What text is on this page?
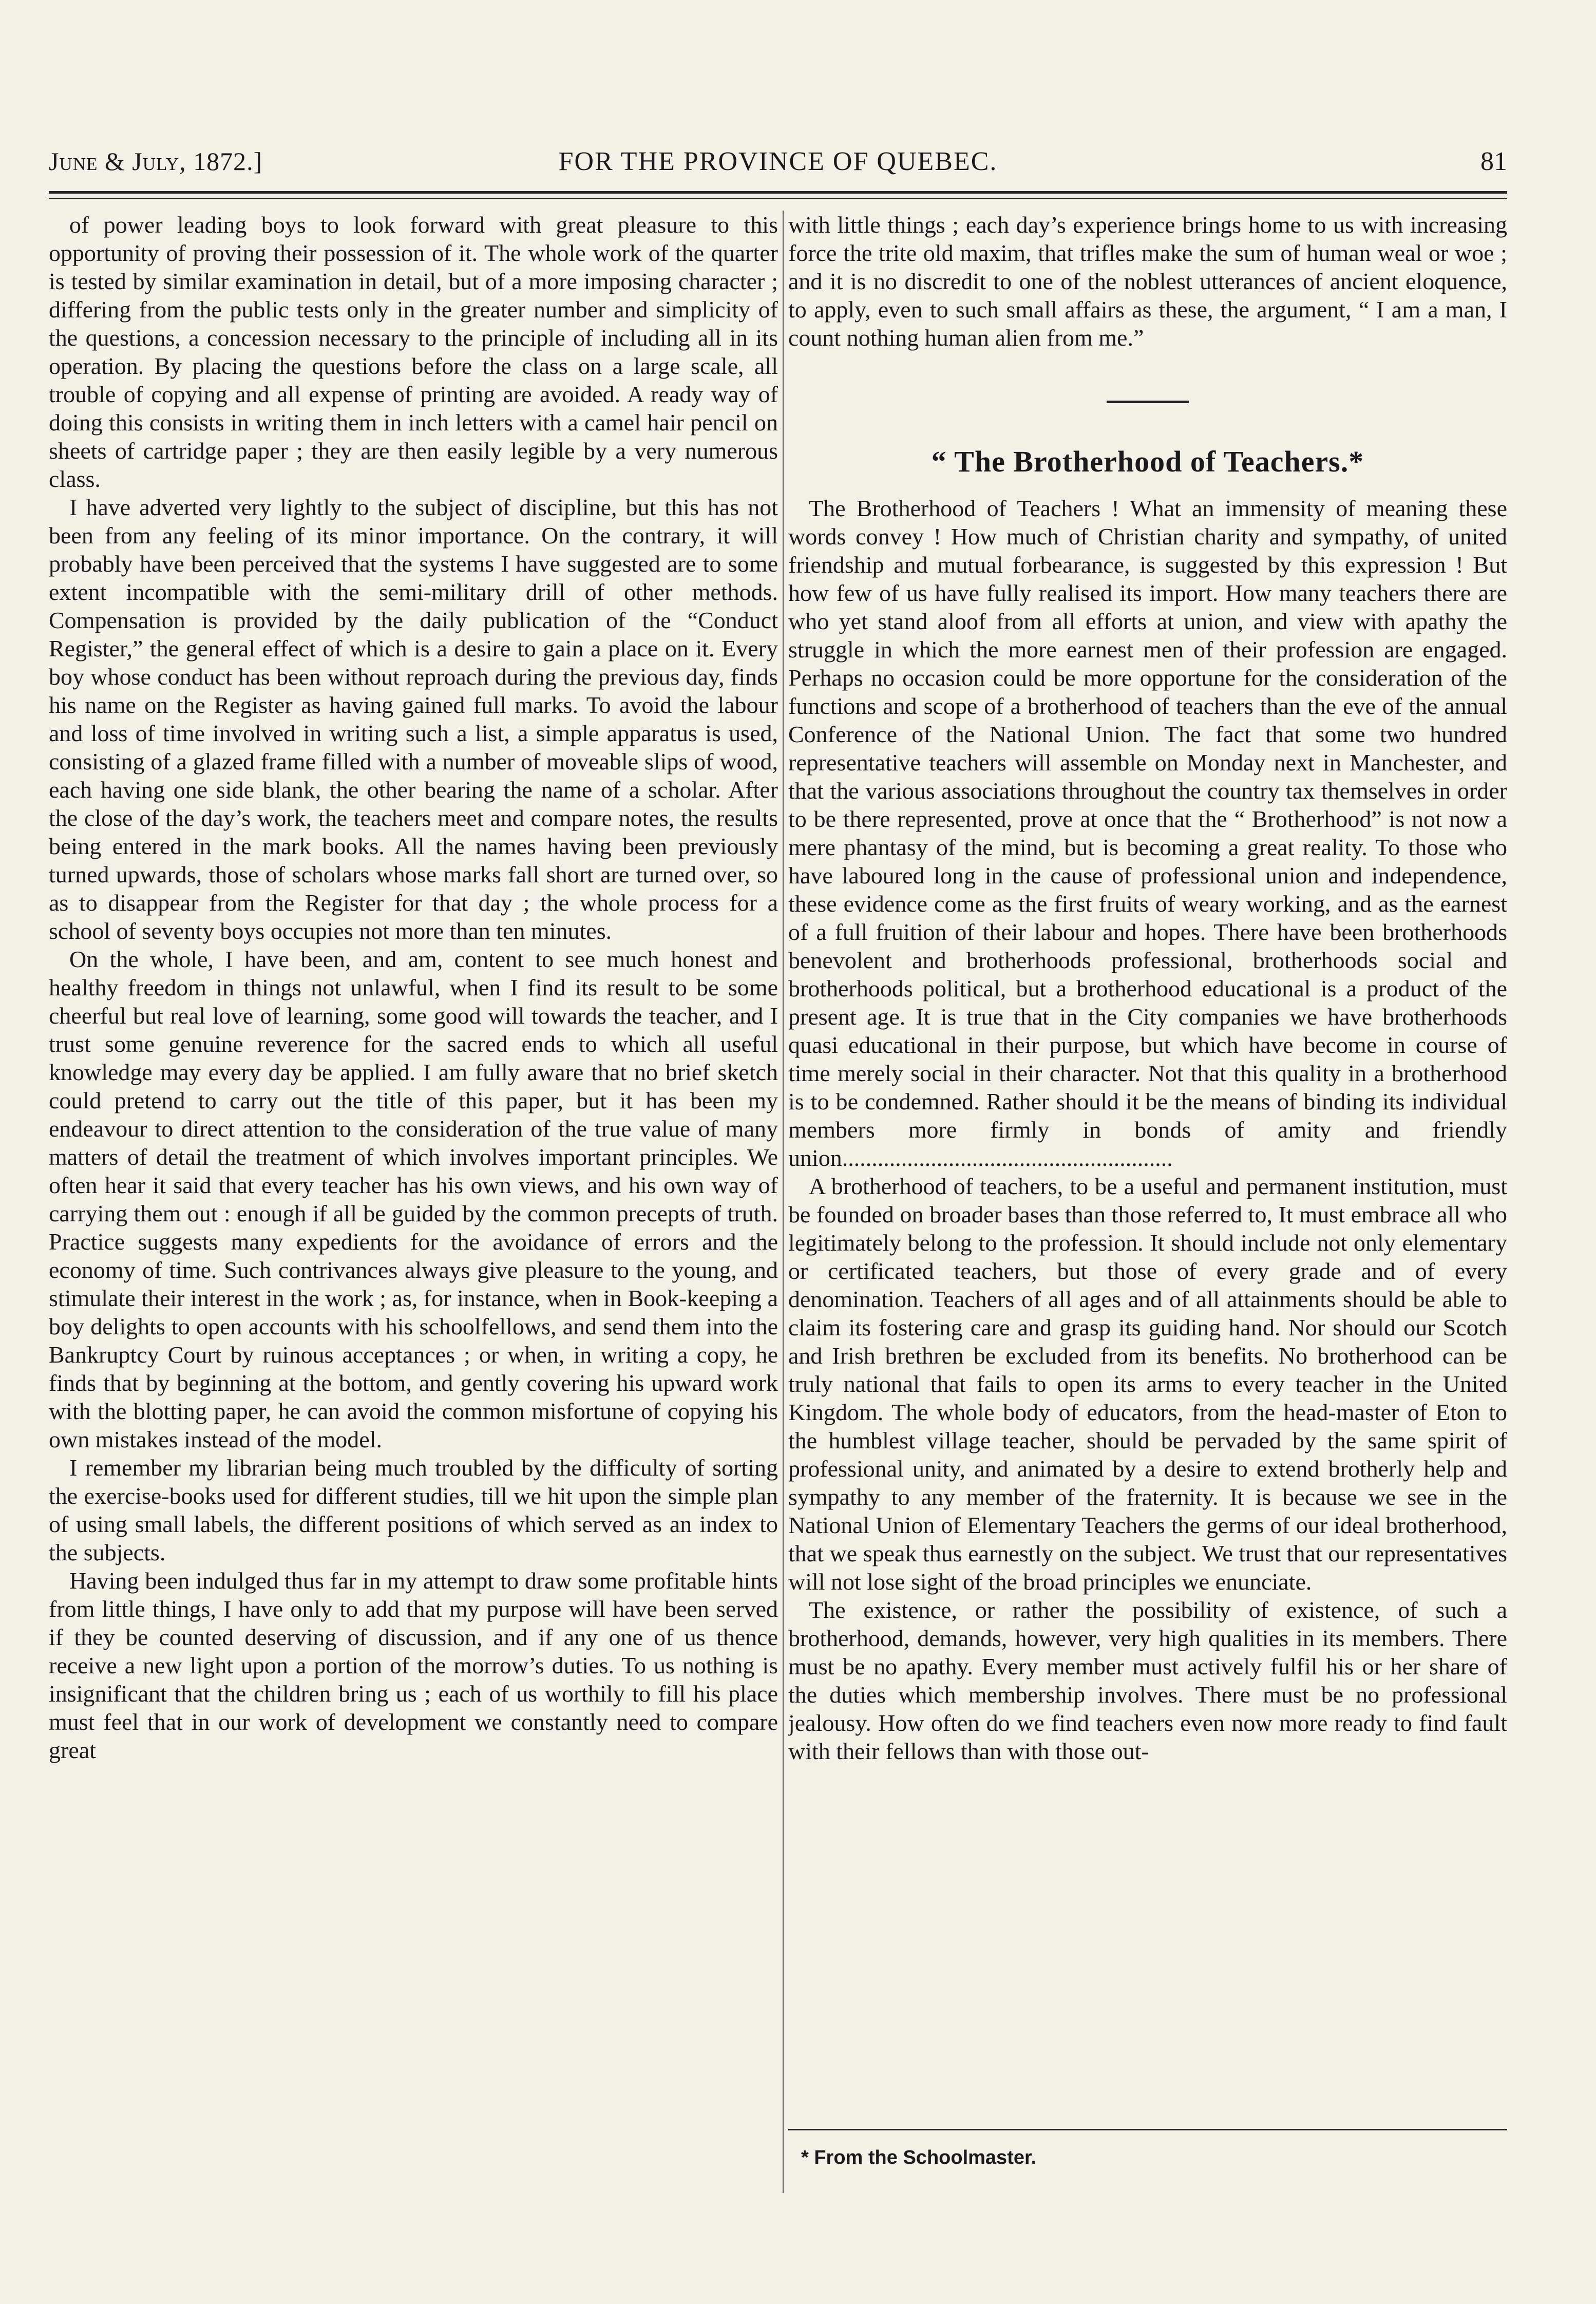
June & July, 1872.]	FOR THE PROVINCE OF QUEBEC.	81

of power leading boys to look forward with great pleasure to this opportunity of proving their possession of it. The whole work of the quarter is tested by similar examination in detail, but of a more imposing character ; differing from the public tests only in the greater number and simplicity of the questions, a concession necessary to the principle of including all in its operation. By placing the questions before the class on a large scale, all trouble of copying and all expense of printing are avoided. A ready way of doing this consists in writing them in inch letters with a camel hair pencil on sheets of cartridge paper ; they are then easily legible by a very numerous class.

I have adverted very lightly to the subject of discipline, but this has not been from any feeling of its minor importance. On the contrary, it will probably have been perceived that the systems I have suggested are to some extent incompatible with the semi-military drill of other methods. Compensation is provided by the daily publication of the “Conduct Register,” the general effect of which is a desire to gain a place on it. Every boy whose conduct has been without reproach during the previous day, finds his name on the Register as having gained full marks. To avoid the labour and loss of time involved in writing such a list, a simple apparatus is used, consisting of a glazed frame filled with a number of moveable slips of wood, each having one side blank, the other bearing the name of a scholar. After the close of the day’s work, the teachers meet and compare notes, the results being entered in the mark books. All the names having been previously turned upwards, those of scholars whose marks fall short are turned over, so as to disappear from the Register for that day ; the whole process for a school of seventy boys occupies not more than ten minutes.

On the whole, I have been, and am, content to see much honest and healthy freedom in things not unlawful, when I find its result to be some cheerful but real love of learning, some good will towards the teacher, and I trust some genuine reverence for the sacred ends to which all useful knowledge may every day be applied. I am fully aware that no brief sketch could pretend to carry out the title of this paper, but it has been my endeavour to direct attention to the consideration of the true value of many matters of detail the treatment of which involves important principles. We often hear it said that every teacher has his own views, and his own way of carrying them out : enough if all be guided by the common precepts of truth. Practice suggests many expedients for the avoidance of errors and the economy of time. Such contrivances always give pleasure to the young, and stimulate their interest in the work ; as, for instance, when in Book-keeping a boy delights to open accounts with his schoolfellows, and send them into the Bankruptcy Court by ruinous acceptances ; or when, in writing a copy, he finds that by beginning at the bottom, and gently covering his upward work with the blotting paper, he can avoid the common misfortune of copying his own mistakes instead of the model.

I remember my librarian being much troubled by the difficulty of sorting the exercise-books used for different studies, till we hit upon the simple plan of using small labels, the different positions of which served as an index to the subjects.

Having been indulged thus far in my attempt to draw some profitable hints from little things, I have only to add that my purpose will have been served if they be counted deserving of discussion, and if any one of us thence receive a new light upon a portion of the morrow’s duties. To us nothing is insignificant that the children bring us ; each of us worthily to fill his place must feel that in our work of development we constantly need to compare great

with little things ; each day’s experience brings home to us with increasing force the trite old maxim, that trifles make the sum of human weal or woe ; and it is no discredit to one of the noblest utterances of ancient eloquence, to apply, even to such small affairs as these, the argument, “ I am a man, I count nothing human alien from me.”

“ The Brotherhood of Teachers.*

The Brotherhood of Teachers ! What an immensity of meaning these words convey ! How much of Christian charity and sympathy, of united friendship and mutual forbearance, is suggested by this expression ! But how few of us have fully realised its import. How many teachers there are who yet stand aloof from all efforts at union, and view with apathy the struggle in which the more earnest men of their profession are engaged. Perhaps no occasion could be more opportune for the consideration of the functions and scope of a brotherhood of teachers than the eve of the annual Conference of the National Union. The fact that some two hundred representative teachers will assemble on Monday next in Manchester, and that the various associations throughout the country tax themselves in order to be there represented, prove at once that the “ Brotherhood” is not now a mere phantasy of the mind, but is becoming a great reality. To those who have laboured long in the cause of professional union and independence, these evidence come as the first fruits of weary working, and as the earnest of a full fruition of their labour and hopes. There have been brotherhoods benevolent and brotherhoods professional, brotherhoods social and brotherhoods political, but a brotherhood educational is a product of the present age. It is true that in the City companies we have brotherhoods quasi educational in their purpose, but which have become in course of time merely social in their character. Not that this quality in a brotherhood is to be condemned. Rather should it be the means of binding its individual members more firmly in bonds of amity and friendly union........................................................

A brotherhood of teachers, to be a useful and permanent institution, must be founded on broader bases than those referred to, It must embrace all who legitimately belong to the profession. It should include not only elementary or certificated teachers, but those of every grade and of every denomination. Teachers of all ages and of all attainments should be able to claim its fostering care and grasp its guiding hand. Nor should our Scotch and Irish brethren be excluded from its benefits. No brotherhood can be truly national that fails to open its arms to every teacher in the United Kingdom. The whole body of educators, from the head-master of Eton to the humblest village teacher, should be pervaded by the same spirit of professional unity, and animated by a desire to extend brotherly help and sympathy to any member of the fraternity. It is because we see in the National Union of Elementary Teachers the germs of our ideal brotherhood, that we speak thus earnestly on the subject. We trust that our representatives will not lose sight of the broad principles we enunciate.

The existence, or rather the possibility of existence, of such a brotherhood, demands, however, very high qualities in its members. There must be no apathy. Every member must actively fulfil his or her share of the duties which membership involves. There must be no professional jealousy. How often do we find teachers even now more ready to find fault with their fellows than with those out-

* From the Schoolmaster.
